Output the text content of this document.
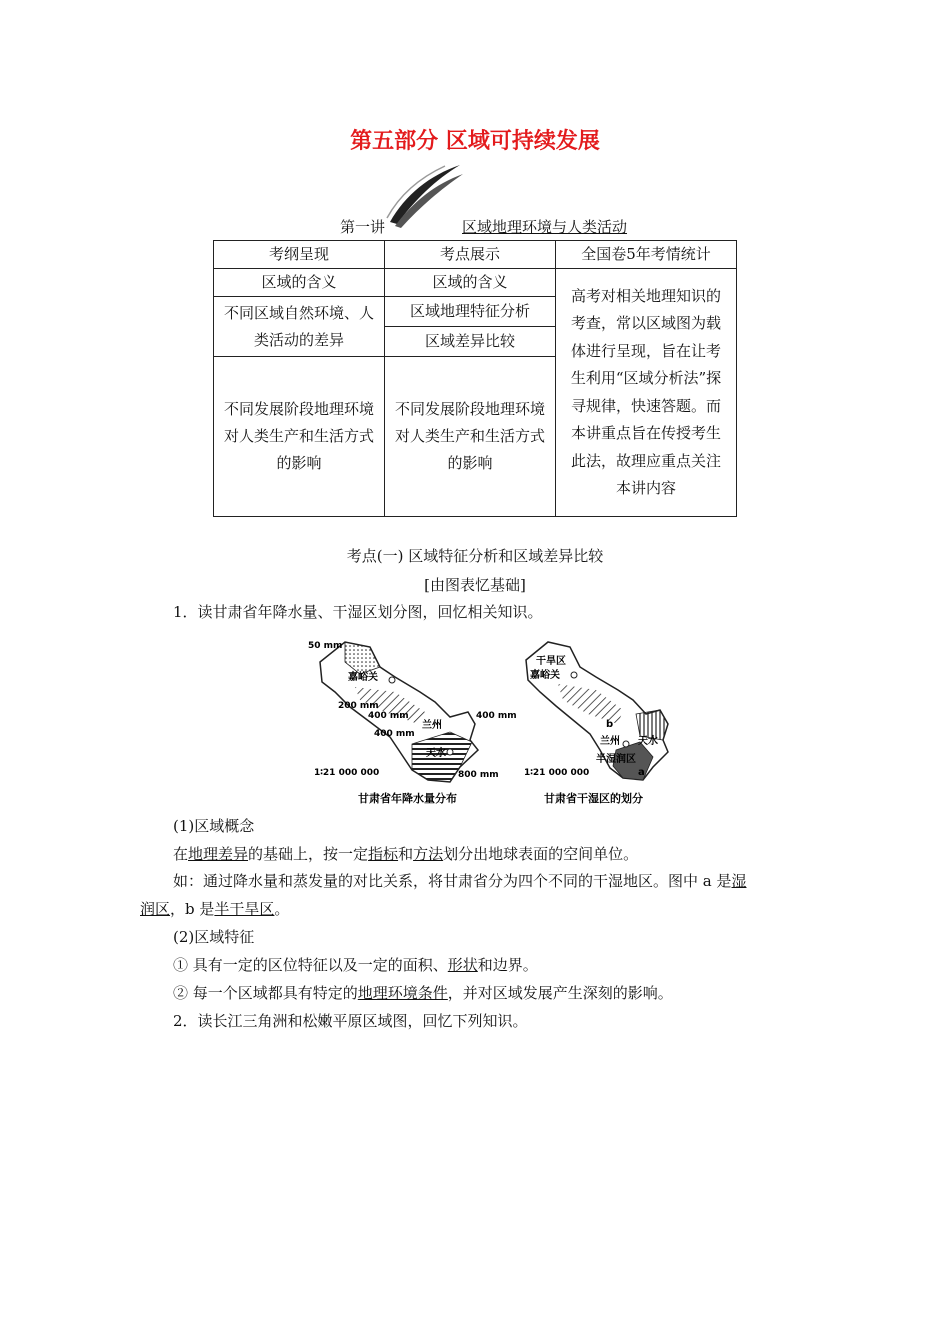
第五部分 区域可持续发展
第一讲	区域地理环境与人类活动
考纲呈现	考点展示	全国卷5年考情统计
区域的含义	区域的含义	高考对相关地理知识的考查，常以区域图为载体进行呈现，旨在让考生利用“区域分析法”探寻规律，快速答题。而本讲重点旨在传授考生此法，故理应重点关注本讲内容
不同区域自然环境、人类活动的差异	区域地理特征分析	
	区域差异比较	
不同发展阶段地理环境对人类生产和生活方式的影响	不同发展阶段地理环境对人类生产和生活方式的影响	
考点(一) 区域特征分析和区域差异比较
[由图表忆基础]
1．读甘肃省年降水量、干湿区划分图，回忆相关知识。
50 mm
嘉峪关
200 mm
400 mm	400 mm
400 mm
兰州
天水
1∶21 000 000	800 mm
甘肃省年降水量分布
干旱区
嘉峪关
b
兰州 天水
半湿润区
a
1∶21 000 000
甘肃省干湿区的划分
(1)区域概念
在地理差异的基础上，按一定指标和方法划分出地球表面的空间单位。
如：通过降水量和蒸发量的对比关系，将甘肃省分为四个不同的干湿地区。图中 a 是湿
润区，b 是半干旱区。
(2)区域特征
① 具有一定的区位特征以及一定的面积、形状和边界。
② 每一个区域都具有特定的地理环境条件，并对区域发展产生深刻的影响。
2．读长江三角洲和松嫩平原区域图，回忆下列知识。
